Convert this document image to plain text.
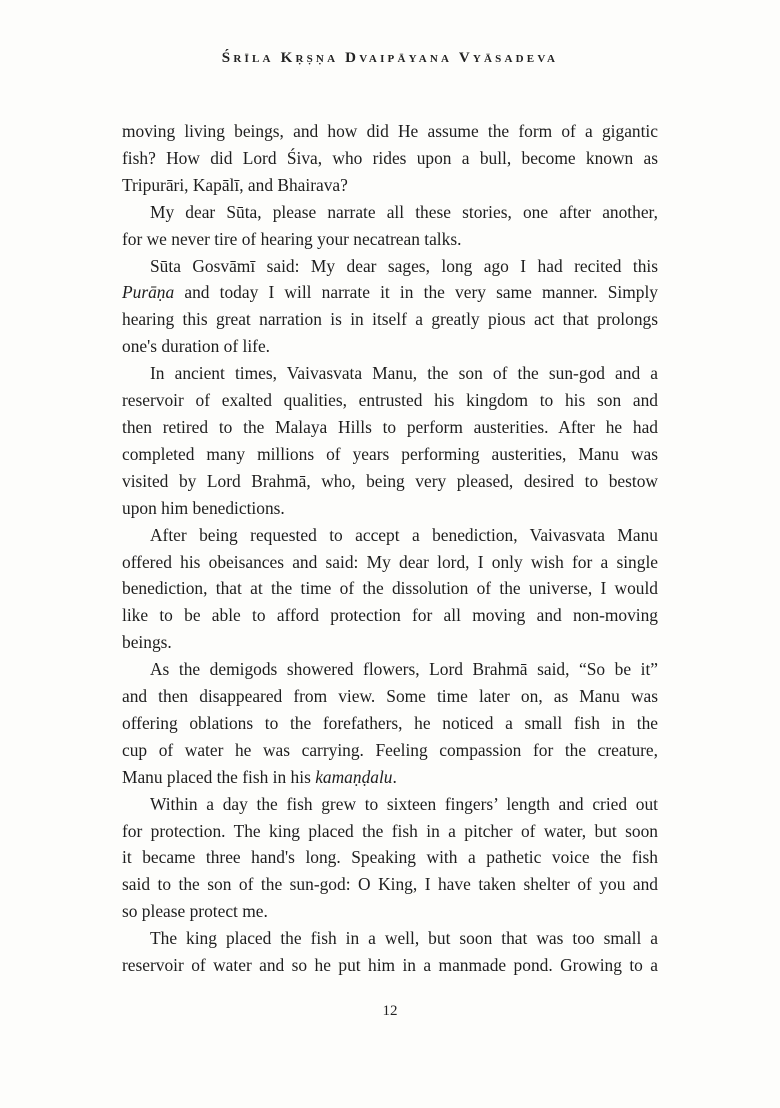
Śrīla Kṛṣṇa Dvaipāyana Vyāsadeva
moving living beings, and how did He assume the form of a gigantic
fish? How did Lord Śiva, who rides upon a bull, become known as
Tripurāri, Kapālī, and Bhairava?
My dear Sūta, please narrate all these stories, one after another,
for we never tire of hearing your necatrean talks.
Sūta Gosvāmī said: My dear sages, long ago I had recited this
Purāṇa and today I will narrate it in the very same manner. Simply
hearing this great narration is in itself a greatly pious act that prolongs
one's duration of life.
In ancient times, Vaivasvata Manu, the son of the sun-god and a
reservoir of exalted qualities, entrusted his kingdom to his son and
then retired to the Malaya Hills to perform austerities. After he had
completed many millions of years performing austerities, Manu was
visited by Lord Brahmā, who, being very pleased, desired to bestow
upon him benedictions.
After being requested to accept a benediction, Vaivasvata Manu
offered his obeisances and said: My dear lord, I only wish for a single
benediction, that at the time of the dissolution of the universe, I would
like to be able to afford protection for all moving and non-moving
beings.
As the demigods showered flowers, Lord Brahmā said, “So be it”
and then disappeared from view. Some time later on, as Manu was
offering oblations to the forefathers, he noticed a small fish in the
cup of water he was carrying. Feeling compassion for the creature,
Manu placed the fish in his kamaṇḍalu.
Within a day the fish grew to sixteen fingers’ length and cried out
for protection. The king placed the fish in a pitcher of water, but soon
it became three hand's long. Speaking with a pathetic voice the fish
said to the son of the sun-god: O King, I have taken shelter of you and
so please protect me.
The king placed the fish in a well, but soon that was too small a
reservoir of water and so he put him in a manmade pond. Growing to a
12
